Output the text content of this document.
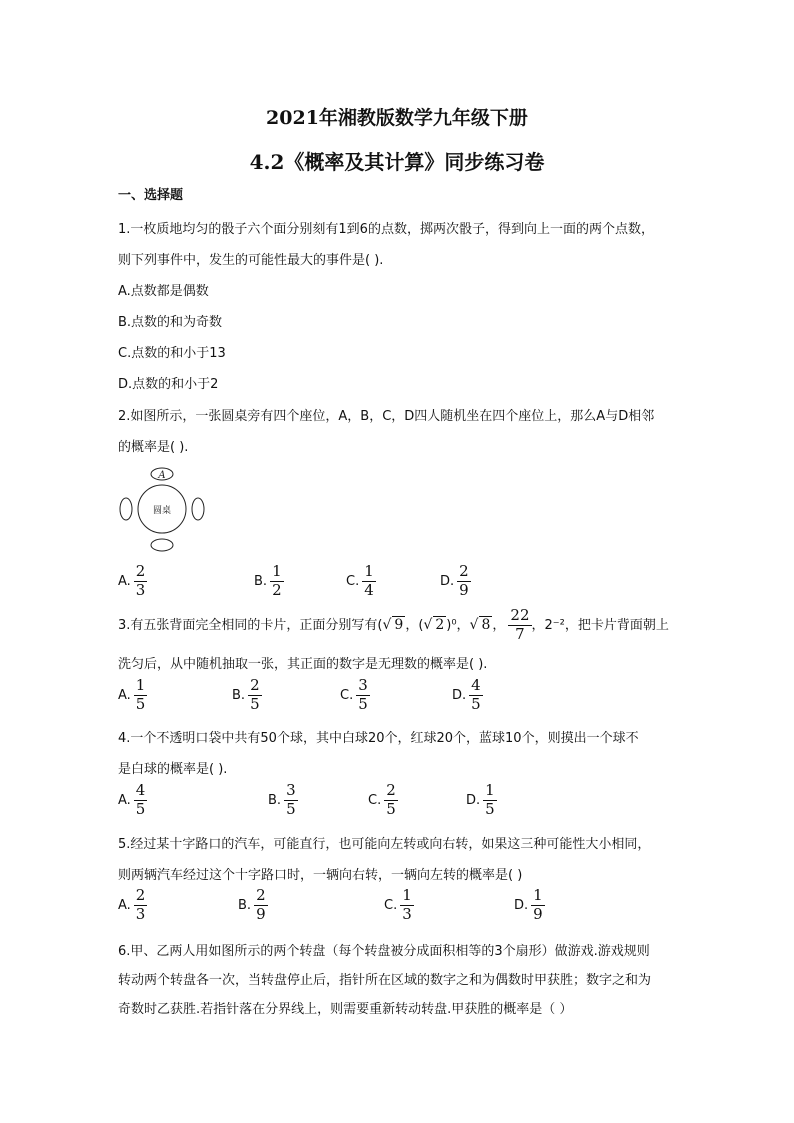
2021年湘教版数学九年级下册
4.2《概率及其计算》同步练习卷
一、选择题
1.一枚质地均匀的骰子六个面分别刻有1到6的点数，掷两次骰子，得到向上一面的两个点数，
则下列事件中，发生的可能性最大的事件是( ).
A.点数都是偶数
B.点数的和为奇数
C.点数的和小于13
D.点数的和小于2
2.如图所示，一张圆桌旁有四个座位，A，B，C，D四人随机坐在四个座位上，那么A与D相邻
的概率是( ).
A
圆桌
A. $\frac{2}{3}$	B. $\frac{1}{2}$	C. $\frac{1}{4}$	D. $\frac{2}{9}$
3.有五张背面完全相同的卡片，正面分别写有(√ 9 ，(√ 2 )⁰，√ 8 ， $\frac{22}{7}$ ，2⁻²，把卡片背面朝上
洗匀后，从中随机抽取一张，其正面的数字是无理数的概率是( ).
A. $\frac{1}{5}$	B. $\frac{2}{5}$	C. $\frac{3}{5}$	D. $\frac{4}{5}$
4.一个不透明口袋中共有50个球，其中白球20个，红球20个，蓝球10个，则摸出一个球不
是白球的概率是( ).
A. $\frac{4}{5}$	B. $\frac{3}{5}$	C. $\frac{2}{5}$	D. $\frac{1}{5}$
5.经过某十字路口的汽车，可能直行，也可能向左转或向右转，如果这三种可能性大小相同，
则两辆汽车经过这个十字路口时，一辆向右转，一辆向左转的概率是( )
A. $\frac{2}{3}$	B. $\frac{2}{9}$	C. $\frac{1}{3}$	D. $\frac{1}{9}$
6.甲、乙两人用如图所示的两个转盘（每个转盘被分成面积相等的3个扇形）做游戏.游戏规则
转动两个转盘各一次，当转盘停止后，指针所在区域的数字之和为偶数时甲获胜；数字之和为
奇数时乙获胜.若指针落在分界线上，则需要重新转动转盘.甲获胜的概率是（ ）
